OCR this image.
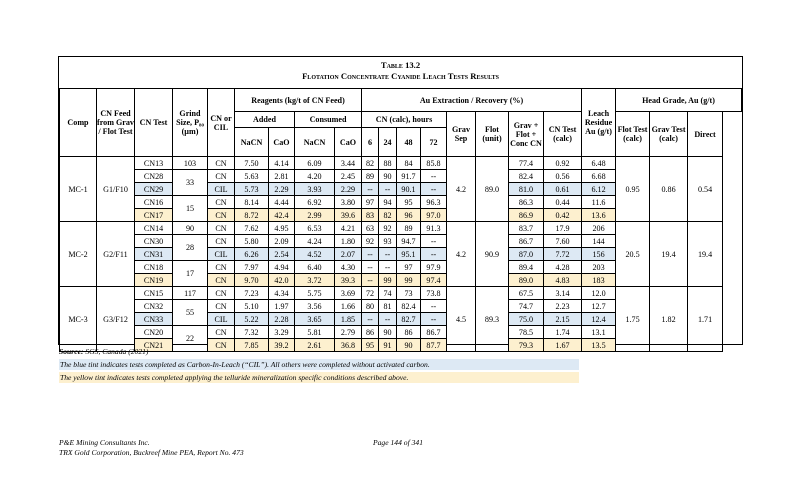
Table 13.2
Flotation Concentrate Cyanide Leach Tests Results
Comp	CN Feed from Grav / Flot Test	CN Test	Grind Size, P₈₀ (µm)	CN or CIL	Reagents (kg/t of CN Feed)				Au Extraction / Recovery (%)								Leach Residue Au (g/t)	Head Grade, Au (g/t)		
					Added		Consumed		CN (calc), hours				Grav Sep	Flot (unit)	Grav + Flot + Conc CN	CN Test (calc)		Flot Test (calc)	Grav Test (calc)	Direct
					NaCN	CaO	NaCN	CaO	6	24	48	72								
MC-1	G1/F10	CN13	103	CN	7.50	4.14	6.09	3.44	82	88	84	85.8	4.2	89.0	77.4	0.92	6.48	0.95	0.86	0.54
		CN28	33	CN	5.63	2.81	4.20	2.45	89	90	91.7	--			82.4	0.56	6.68			
		CN29		CIL	5.73	2.29	3.93	2.29	--	--	90.1	--			81.0	0.61	6.12			
		CN16	15	CN	8.14	4.44	6.92	3.80	97	94	95	96.3			86.3	0.44	11.6			
		CN17		CN	8.72	42.4	2.99	39.6	83	82	96	97.0			86.9	0.42	13.6			
MC-2	G2/F11	CN14	90	CN	7.62	4.95	6.53	4.21	63	92	89	91.3	4.2	90.9	83.7	17.9	206	20.5	19.4	19.4
		CN30	28	CN	5.80	2.09	4.24	1.80	92	93	94.7	--			86.7	7.60	144			
		CN31		CIL	6.26	2.54	4.52	2.07	--	--	95.1	--			87.0	7.72	156			
		CN18	17	CN	7.97	4.94	6.40	4.30	--	--	97	97.9			89.4	4.28	203			
		CN19		CN	9.70	42.0	3.72	39.3	--	99	99	97.4			89.0	4.83	183			
MC-3	G3/F12	CN15	117	CN	7.23	4.34	5.75	3.69	72	74	73	73.8	4.5	89.3	67.5	3.14	12.0	1.75	1.82	1.71
		CN32	55	CN	5.10	1.97	3.56	1.66	80	81	82.4	--			74.7	2.23	12.7			
		CN33		CIL	5.22	2.28	3.65	1.85	--	--	82.7	--			75.0	2.15	12.4			
		CN20	22	CN	7.32	3.29	5.81	2.79	86	90	86	86.7			78.5	1.74	13.1			
		CN21		CN	7.85	39.2	2.61	36.8	95	91	90	87.7			79.3	1.67	13.5			
Source: SGS, Canada (2021)
The blue tint indicates tests completed as Carbon-In-Leach (“CIL”). All others were completed without activated carbon.
The yellow tint indicates tests completed applying the telluride mineralization specific conditions described above.
P&E Mining Consultants Inc.
TRX Gold Corporation, Buckreef Mine PEA, Report No. 473
Page 144 of 341
